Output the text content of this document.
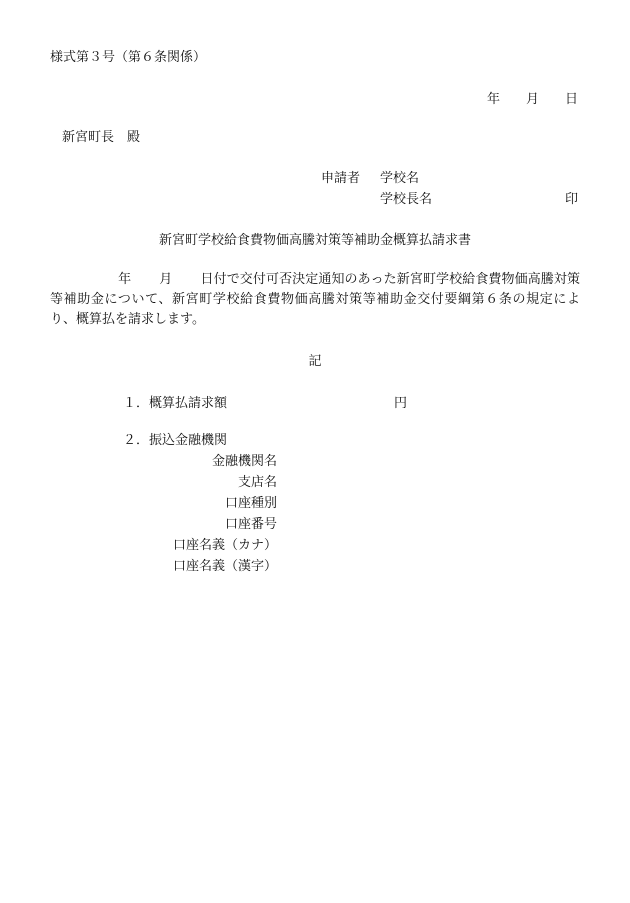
様式第３号（第６条関係）
年 月 日
新宮町長　殿
申請者 学校名
学校長名	印
新宮町学校給食費物価高騰対策等補助金概算払請求書
年 月 日付で交付可否決定通知のあった新宮町学校給食費物価高騰対策等補助金について、新宮町学校給食費物価高騰対策等補助金交付要綱第６条の規定により、概算払を請求します。
記
１．概算払請求額	円
２．振込金融機関
金融機関名
支店名
口座種別
口座番号
口座名義（カナ）
口座名義（漢字）
